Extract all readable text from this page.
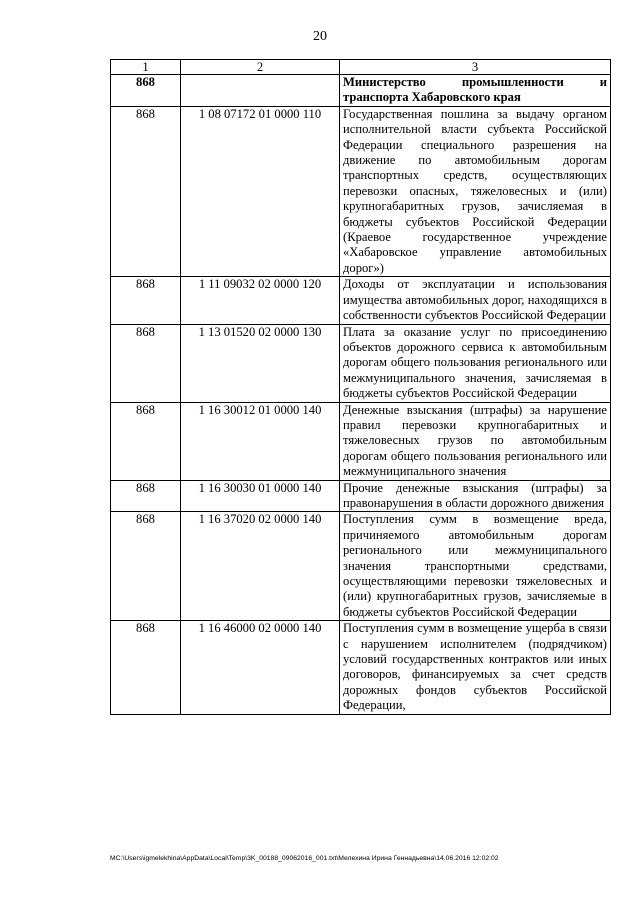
20
1	2	3
868		Министерство промышленности и транспорта Хабаровского края
868	1 08 07172 01 0000 110	Государственная пошлина за выдачу органом исполнительной власти субъекта Российской Федерации специального разрешения на движение по автомобильным дорогам транспортных средств, осуществляющих перевозки опасных, тяжеловесных и (или) крупногабаритных грузов, зачисляемая в бюджеты субъектов Российской Федерации (Краевое государственное учреждение «Хабаровское управление автомобильных дорог»)
868	1 11 09032 02 0000 120	Доходы от эксплуатации и использования имущества автомобильных дорог, находящихся в собственности субъектов Российской Федерации
868	1 13 01520 02 0000 130	Плата за оказание услуг по присоединению объектов дорожного сервиса к автомобильным дорогам общего пользования регионального или межмуниципального значения, зачисляемая в бюджеты субъектов Российской Федерации
868	1 16 30012 01 0000 140	Денежные взыскания (штрафы) за нарушение правил перевозки крупногабаритных и тяжеловесных грузов по автомобильным дорогам общего пользования регионального или межмуниципального значения
868	1 16 30030 01 0000 140	Прочие денежные взыскания (штрафы) за правонарушения в области дорожного движения
868	1 16 37020 02 0000 140	Поступления сумм в возмещение вреда, причиняемого автомобильным дорогам регионального или межмуниципального значения транспортными средствами, осуществляющими перевозки тяжеловесных и (или) крупногабаритных грузов, зачисляемые в бюджеты субъектов Российской Федерации
868	1 16 46000 02 0000 140	Поступления сумм в возмещение ущерба в связи с нарушением исполнителем (подрядчиком) условий государственных контрактов или иных договоров, финансируемых за счет средств дорожных фондов субъектов Российской Федерации,
MC:\Users\igmelekhina\AppData\Local\Temp\3K_00188_09062016_001.txt\Мелехина Ирина Геннадьевна\14.06.2016 12:02:02
